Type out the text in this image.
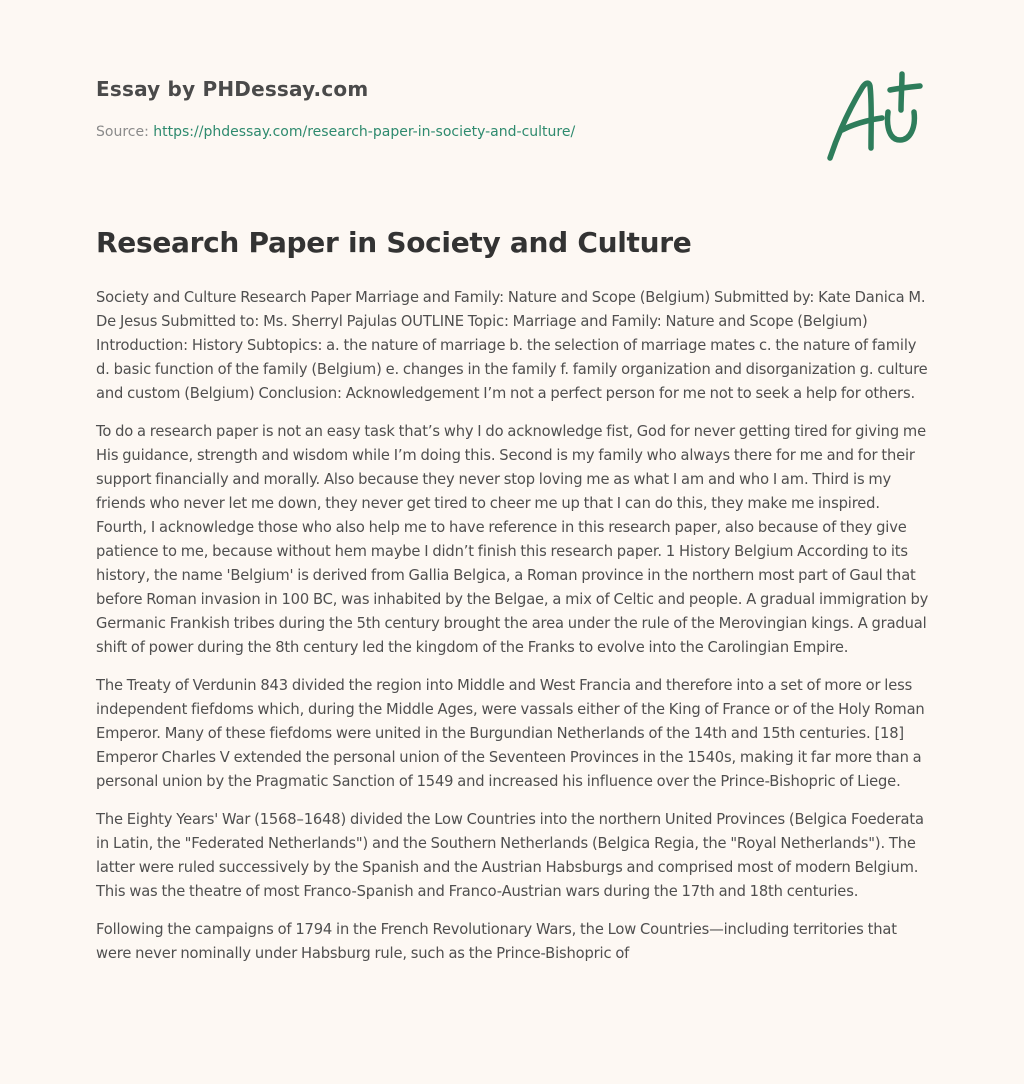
Essay by PHDessay.com
Source: https://phdessay.com/research-paper-in-society-and-culture/
Research Paper in Society and Culture

Society and Culture Research Paper Marriage and Family: Nature and Scope (Belgium) Submitted by: Kate Danica M. De Jesus Submitted to: Ms. Sherryl Pajulas OUTLINE Topic: Marriage and Family: Nature and Scope (Belgium) Introduction: History Subtopics: a. the nature of marriage b. the selection of marriage mates c. the nature of family d. basic function of the family (Belgium) e. changes in the family f. family organization and disorganization g. culture and custom (Belgium) Conclusion: Acknowledgement I’m not a perfect person for me not to seek a help for others.

To do a research paper is not an easy task that’s why I do acknowledge fist, God for never getting tired for giving me His guidance, strength and wisdom while I’m doing this. Second is my family who always there for me and for their support financially and morally. Also because they never stop loving me as what I am and who I am. Third is my friends who never let me down, they never get tired to cheer me up that I can do this, they make me inspired. Fourth, I acknowledge those who also help me to have reference in this research paper, also because of they give patience to me, because without hem maybe I didn’t finish this research paper. 1 History Belgium According to its history, the name 'Belgium' is derived from Gallia Belgica, a Roman province in the northern most part of Gaul that before Roman invasion in 100 BC, was inhabited by the Belgae, a mix of Celtic and people. A gradual immigration by Germanic Frankish tribes during the 5th century brought the area under the rule of the Merovingian kings. A gradual shift of power during the 8th century led the kingdom of the Franks to evolve into the Carolingian Empire.

The Treaty of Verdunin 843 divided the region into Middle and West Francia and therefore into a set of more or less independent fiefdoms which, during the Middle Ages, were vassals either of the King of France or of the Holy Roman Emperor. Many of these fiefdoms were united in the Burgundian Netherlands of the 14th and 15th centuries. [18] Emperor Charles V extended the personal union of the Seventeen Provinces in the 1540s, making it far more than a personal union by the Pragmatic Sanction of 1549 and increased his influence over the Prince-Bishopric of Liege.

The Eighty Years' War (1568–1648) divided the Low Countries into the northern United Provinces (Belgica Foederata in Latin, the "Federated Netherlands") and the Southern Netherlands (Belgica Regia, the "Royal Netherlands"). The latter were ruled successively by the Spanish and the Austrian Habsburgs and comprised most of modern Belgium. This was the theatre of most Franco-Spanish and Franco-Austrian wars during the 17th and 18th centuries.

Following the campaigns of 1794 in the French Revolutionary Wars, the Low Countries—including territories that were never nominally under Habsburg rule, such as the Prince-Bishopric of
